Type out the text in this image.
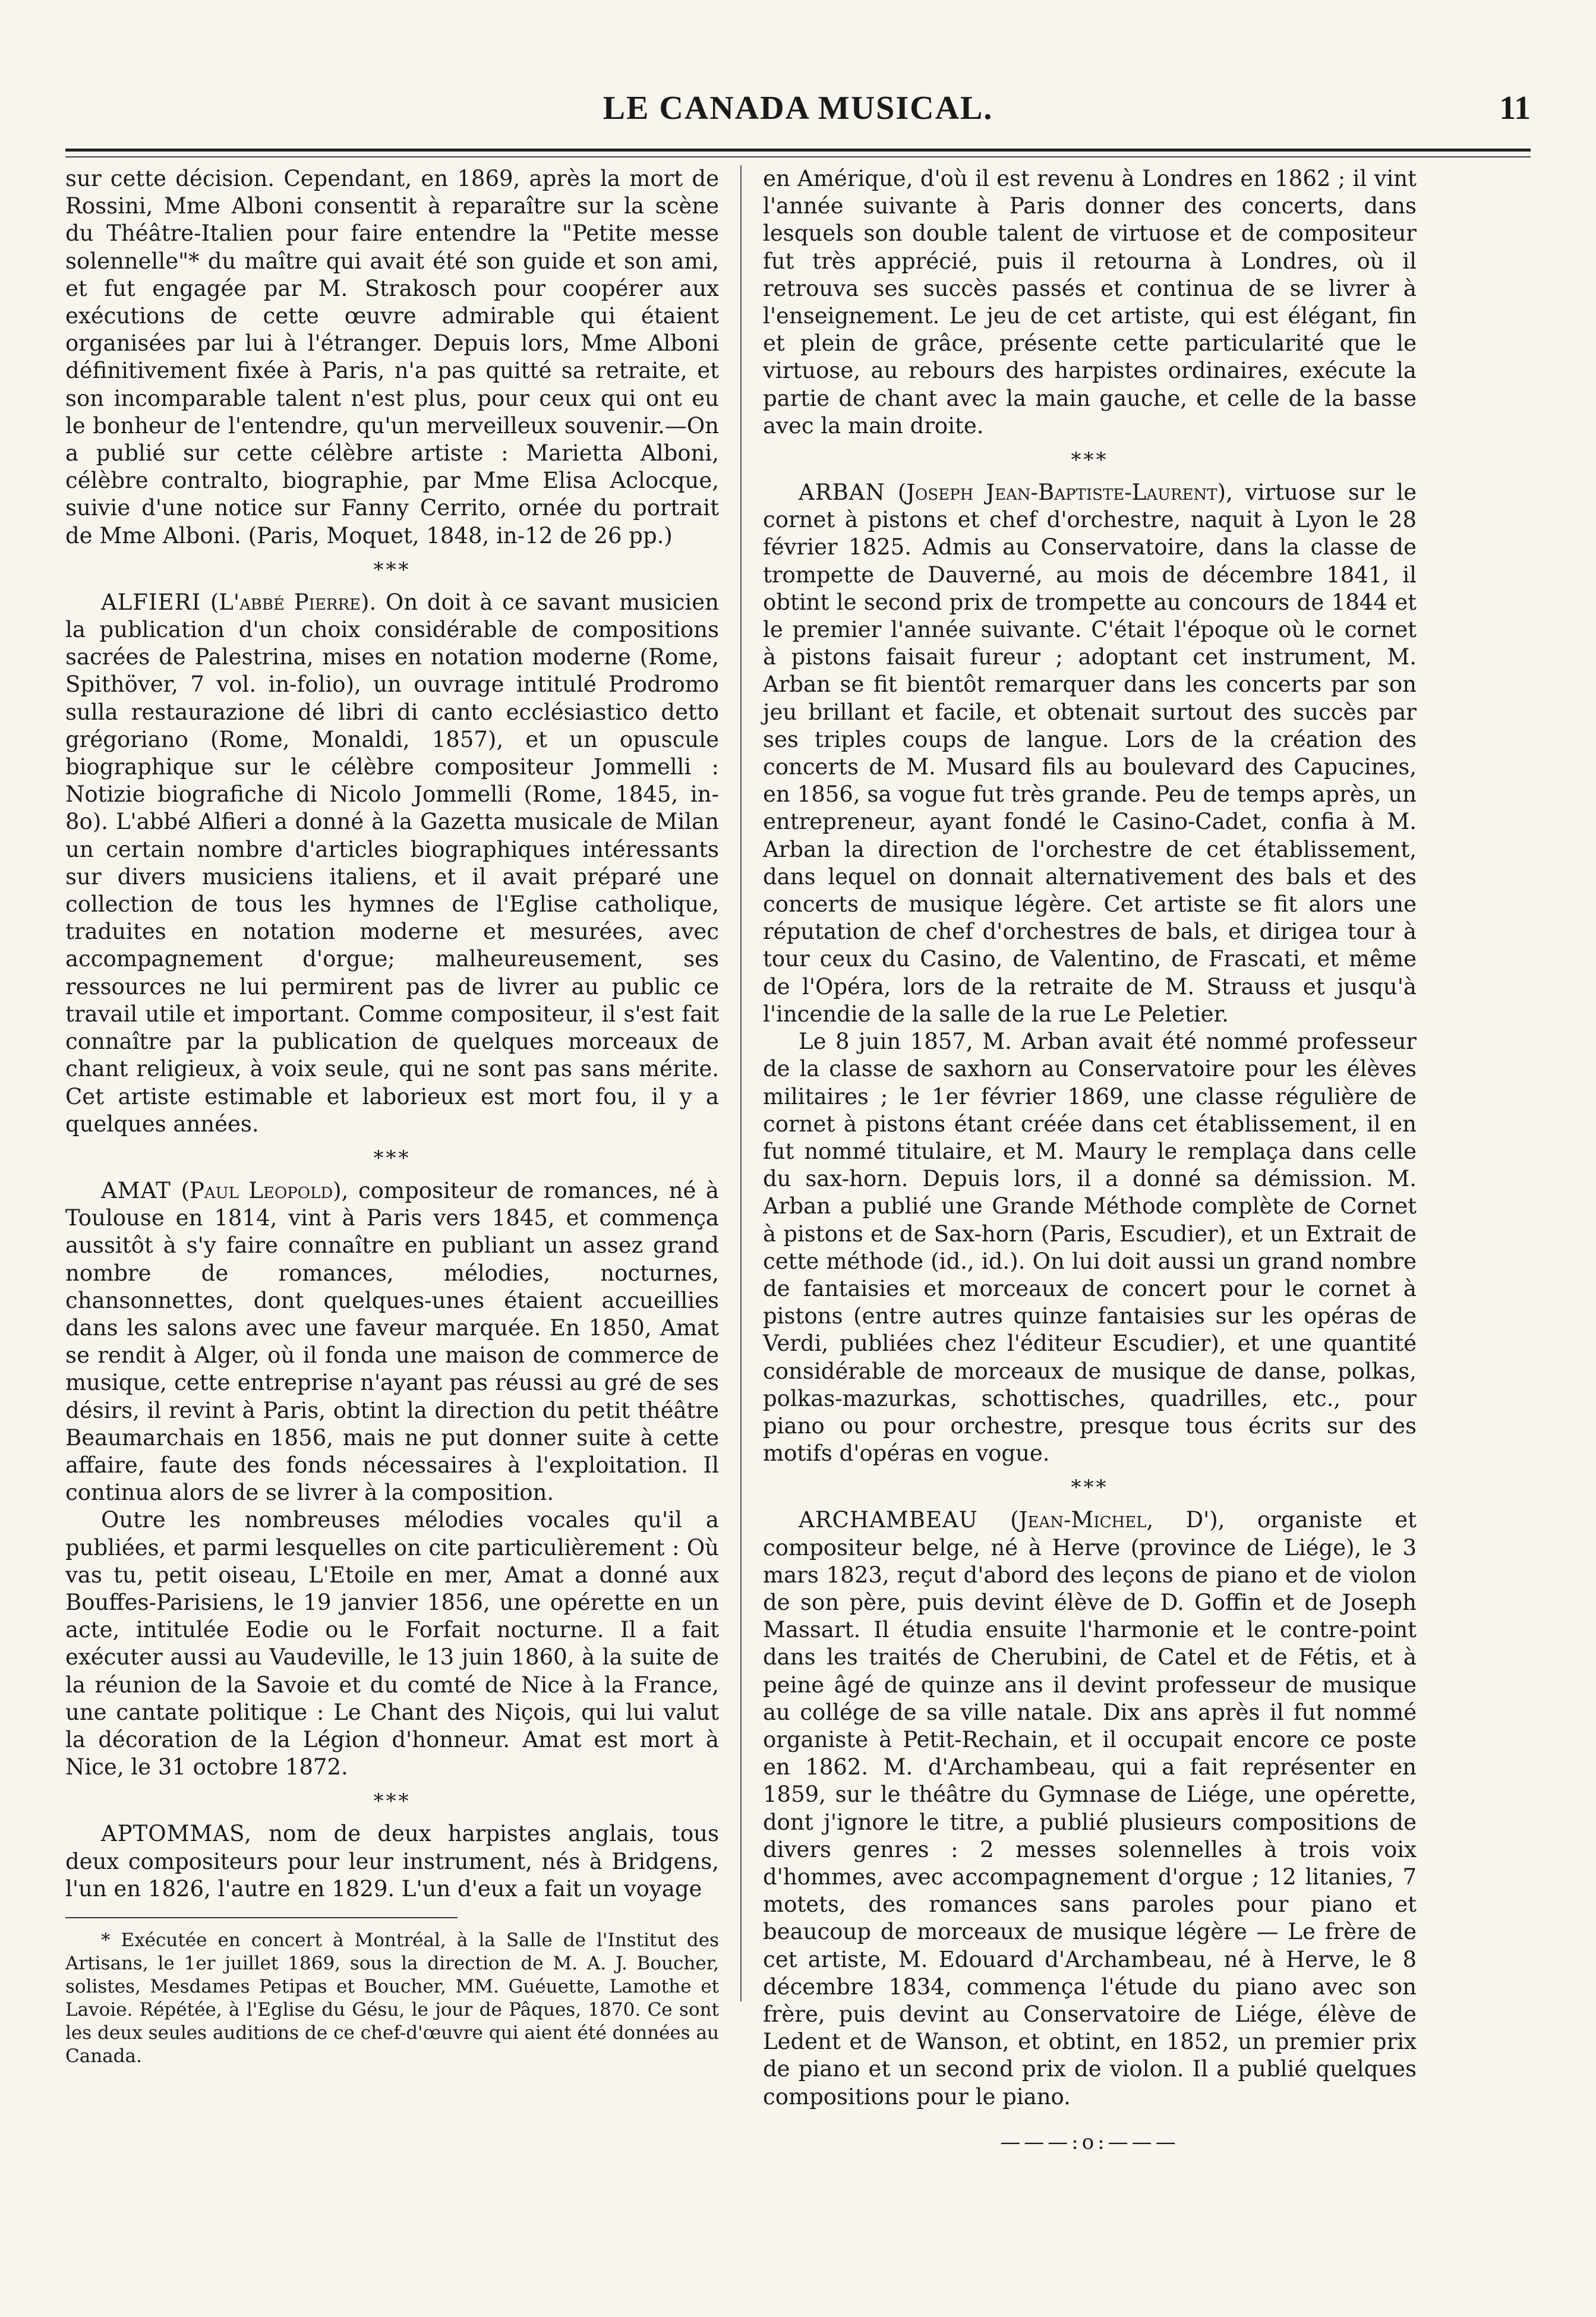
LE CANADA MUSICAL.	11

sur cette décision. Cependant, en 1869, après la mort de Rossini, Mme Alboni consentit à reparaître sur la scène du Théâtre-Italien pour faire entendre la "Petite messe solennelle"* du maître qui avait été son guide et son ami, et fut engagée par M. Strakosch pour coopérer aux exécutions de cette œuvre admirable qui étaient organisées par lui à l'étranger. Depuis lors, Mme Alboni définitivement fixée à Paris, n'a pas quitté sa retraite, et son incomparable talent n'est plus, pour ceux qui ont eu le bonheur de l'entendre, qu'un merveilleux souvenir.—On a publié sur cette célèbre artiste : Marietta Alboni, célèbre contralto, biographie, par Mme Elisa Aclocque, suivie d'une notice sur Fanny Cerrito, ornée du portrait de Mme Alboni. (Paris, Moquet, 1848, in-12 de 26 pp.)

***

ALFIERI (L'abbé Pierre). On doit à ce savant musicien la publication d'un choix considérable de compositions sacrées de Palestrina, mises en notation moderne (Rome, Spithöver, 7 vol. in-folio), un ouvrage intitulé Prodromo sulla restaurazione dé libri di canto ecclésiastico detto grégoriano (Rome, Monaldi, 1857), et un opuscule biographique sur le célèbre compositeur Jommelli : Notizie biografiche di Nicolo Jommelli (Rome, 1845, in-8o). L'abbé Alfieri a donné à la Gazetta musicale de Milan un certain nombre d'articles biographiques intéressants sur divers musiciens italiens, et il avait préparé une collection de tous les hymnes de l'Eglise catholique, traduites en notation moderne et mesurées, avec accompagnement d'orgue; malheureusement, ses ressources ne lui permirent pas de livrer au public ce travail utile et important. Comme compositeur, il s'est fait connaître par la publication de quelques morceaux de chant religieux, à voix seule, qui ne sont pas sans mérite. Cet artiste estimable et laborieux est mort fou, il y a quelques années.

***

AMAT (Paul Leopold), compositeur de romances, né à Toulouse en 1814, vint à Paris vers 1845, et commença aussitôt à s'y faire connaître en publiant un assez grand nombre de romances, mélodies, nocturnes, chansonnettes, dont quelques-unes étaient accueillies dans les salons avec une faveur marquée. En 1850, Amat se rendit à Alger, où il fonda une maison de commerce de musique, cette entreprise n'ayant pas réussi au gré de ses désirs, il revint à Paris, obtint la direction du petit théâtre Beaumarchais en 1856, mais ne put donner suite à cette affaire, faute des fonds nécessaires à l'exploitation. Il continua alors de se livrer à la composition.

Outre les nombreuses mélodies vocales qu'il a publiées, et parmi lesquelles on cite particulièrement : Où vas tu, petit oiseau, L'Etoile en mer, Amat a donné aux Bouffes-Parisiens, le 19 janvier 1856, une opérette en un acte, intitulée Eodie ou le Forfait nocturne. Il a fait exécuter aussi au Vaudeville, le 13 juin 1860, à la suite de la réunion de la Savoie et du comté de Nice à la France, une cantate politique : Le Chant des Niçois, qui lui valut la décoration de la Légion d'honneur. Amat est mort à Nice, le 31 octobre 1872.

***

APTOMMAS, nom de deux harpistes anglais, tous deux compositeurs pour leur instrument, nés à Bridgens, l'un en 1826, l'autre en 1829. L'un d'eux a fait un voyage

* Exécutée en concert à Montréal, à la Salle de l'Institut des Artisans, le 1er juillet 1869, sous la direction de M. A. J. Boucher, solistes, Mesdames Petipas et Boucher, MM. Guéuette, Lamothe et Lavoie. Répétée, à l'Eglise du Gésu, le jour de Pâques, 1870. Ce sont les deux seules auditions de ce chef-d'œuvre qui aient été données au Canada.

en Amérique, d'où il est revenu à Londres en 1862 ; il vint l'année suivante à Paris donner des concerts, dans lesquels son double talent de virtuose et de compositeur fut très apprécié, puis il retourna à Londres, où il retrouva ses succès passés et continua de se livrer à l'enseignement. Le jeu de cet artiste, qui est élégant, fin et plein de grâce, présente cette particularité que le virtuose, au rebours des harpistes ordinaires, exécute la partie de chant avec la main gauche, et celle de la basse avec la main droite.

***

ARBAN (Joseph Jean-Baptiste-Laurent), virtuose sur le cornet à pistons et chef d'orchestre, naquit à Lyon le 28 février 1825. Admis au Conservatoire, dans la classe de trompette de Dauverné, au mois de décembre 1841, il obtint le second prix de trompette au concours de 1844 et le premier l'année suivante. C'était l'époque où le cornet à pistons faisait fureur ; adoptant cet instrument, M. Arban se fit bientôt remarquer dans les concerts par son jeu brillant et facile, et obtenait surtout des succès par ses triples coups de langue. Lors de la création des concerts de M. Musard fils au boulevard des Capucines, en 1856, sa vogue fut très grande. Peu de temps après, un entrepreneur, ayant fondé le Casino-Cadet, confia à M. Arban la direction de l'orchestre de cet établissement, dans lequel on donnait alternativement des bals et des concerts de musique légère. Cet artiste se fit alors une réputation de chef d'orchestres de bals, et dirigea tour à tour ceux du Casino, de Valentino, de Frascati, et même de l'Opéra, lors de la retraite de M. Strauss et jusqu'à l'incendie de la salle de la rue Le Peletier.

Le 8 juin 1857, M. Arban avait été nommé professeur de la classe de saxhorn au Conservatoire pour les élèves militaires ; le 1er février 1869, une classe régulière de cornet à pistons étant créée dans cet établissement, il en fut nommé titulaire, et M. Maury le remplaça dans celle du sax-horn. Depuis lors, il a donné sa démission. M. Arban a publié une Grande Méthode complète de Cornet à pistons et de Sax-horn (Paris, Escudier), et un Extrait de cette méthode (id., id.). On lui doit aussi un grand nombre de fantaisies et morceaux de concert pour le cornet à pistons (entre autres quinze fantaisies sur les opéras de Verdi, publiées chez l'éditeur Escudier), et une quantité considérable de morceaux de musique de danse, polkas, polkas-mazurkas, schottisches, quadrilles, etc., pour piano ou pour orchestre, presque tous écrits sur des motifs d'opéras en vogue.

***

ARCHAMBEAU (Jean-Michel, D'), organiste et compositeur belge, né à Herve (province de Liége), le 3 mars 1823, reçut d'abord des leçons de piano et de violon de son père, puis devint élève de D. Goffin et de Joseph Massart. Il étudia ensuite l'harmonie et le contre-point dans les traités de Cherubini, de Catel et de Fétis, et à peine âgé de quinze ans il devint professeur de musique au collége de sa ville natale. Dix ans après il fut nommé organiste à Petit-Rechain, et il occupait encore ce poste en 1862. M. d'Archambeau, qui a fait représenter en 1859, sur le théâtre du Gymnase de Liége, une opérette, dont j'ignore le titre, a publié plusieurs compositions de divers genres : 2 messes solennelles à trois voix d'hommes, avec accompagnement d'orgue ; 12 litanies, 7 motets, des romances sans paroles pour piano et beaucoup de morceaux de musique légère — Le frère de cet artiste, M. Edouard d'Archambeau, né à Herve, le 8 décembre 1834, commença l'étude du piano avec son frère, puis devint au Conservatoire de Liége, élève de Ledent et de Wanson, et obtint, en 1852, un premier prix de piano et un second prix de violon. Il a publié quelques compositions pour le piano.

———:o:———
